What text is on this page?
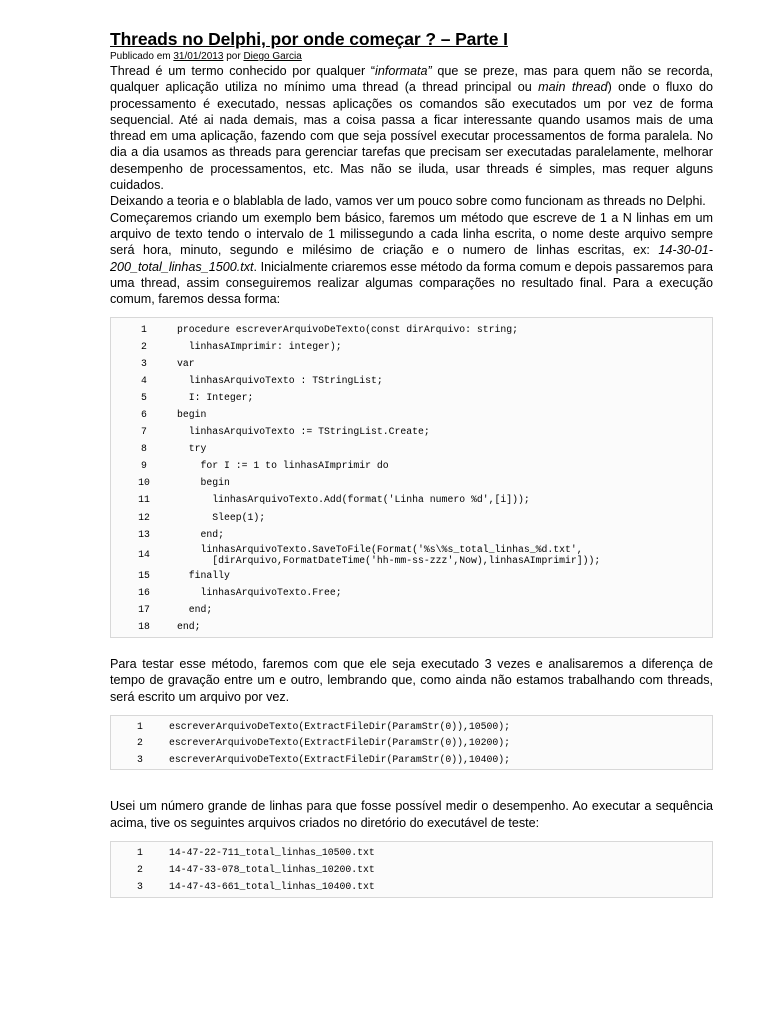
Threads no Delphi, por onde começar ? – Parte I
Publicado em 31/01/2013 por Diego Garcia

Thread é um termo conhecido por qualquer “informata” que se preze, mas para quem não se recorda, qualquer aplicação utiliza no mínimo uma thread (a thread principal ou main thread) onde o fluxo do processamento é executado, nessas aplicações os comandos são executados um por vez de forma sequencial. Até ai nada demais, mas a coisa passa a ficar interessante quando usamos mais de uma thread em uma aplicação, fazendo com que seja possível executar processamentos de forma paralela. No dia a dia usamos as threads para gerenciar tarefas que precisam ser executadas paralelamente, melhorar desempenho de processamentos, etc. Mas não se iluda, usar threads é simples, mas requer alguns cuidados.

Deixando a teoria e o blablabla de lado, vamos ver um pouco sobre como funcionam as threads no Delphi.

Começaremos criando um exemplo bem básico, faremos um método que escreve de 1 a N linhas em um arquivo de texto tendo o intervalo de 1 milissegundo a cada linha escrita, o nome deste arquivo sempre será hora, minuto, segundo e milésimo de criação e o numero de linhas escritas, ex: 14-30-01-200_total_linhas_1500.txt. Inicialmente criaremos esse método da forma comum e depois passaremos para uma thread, assim conseguiremos realizar algumas comparações no resultado final. Para a execução comum, faremos dessa forma:

1	procedure escreverArquivoDeTexto(const dirArquivo: string;
2	linhasAImprimir: integer);
3	var
4	linhasArquivoTexto : TStringList;
5	I: Integer;
6	begin
7	linhasArquivoTexto := TStringList.Create;
8	try
9	for I := 1 to linhasAImprimir do
10	begin
11	linhasArquivoTexto.Add(format('Linha numero %d',[i]));
12	Sleep(1);
13	end;
14	linhasArquivoTexto.SaveToFile(Format('%s\%s_total_linhas_%d.txt',
[dirArquivo,FormatDateTime('hh-mm-ss-zzz',Now),linhasAImprimir]));
15	finally
16	linhasArquivoTexto.Free;
17	end;
18	end;

Para testar esse método, faremos com que ele seja executado 3 vezes e analisaremos a diferença de tempo de gravação entre um e outro, lembrando que, como ainda não estamos trabalhando com threads, será escrito um arquivo por vez.

1	escreverArquivoDeTexto(ExtractFileDir(ParamStr(0)),10500);
2	escreverArquivoDeTexto(ExtractFileDir(ParamStr(0)),10200);
3	escreverArquivoDeTexto(ExtractFileDir(ParamStr(0)),10400);

Usei um número grande de linhas para que fosse possível medir o desempenho. Ao executar a sequência acima, tive os seguintes arquivos criados no diretório do executável de teste:

1	14-47-22-711_total_linhas_10500.txt
2	14-47-33-078_total_linhas_10200.txt
3	14-47-43-661_total_linhas_10400.txt
